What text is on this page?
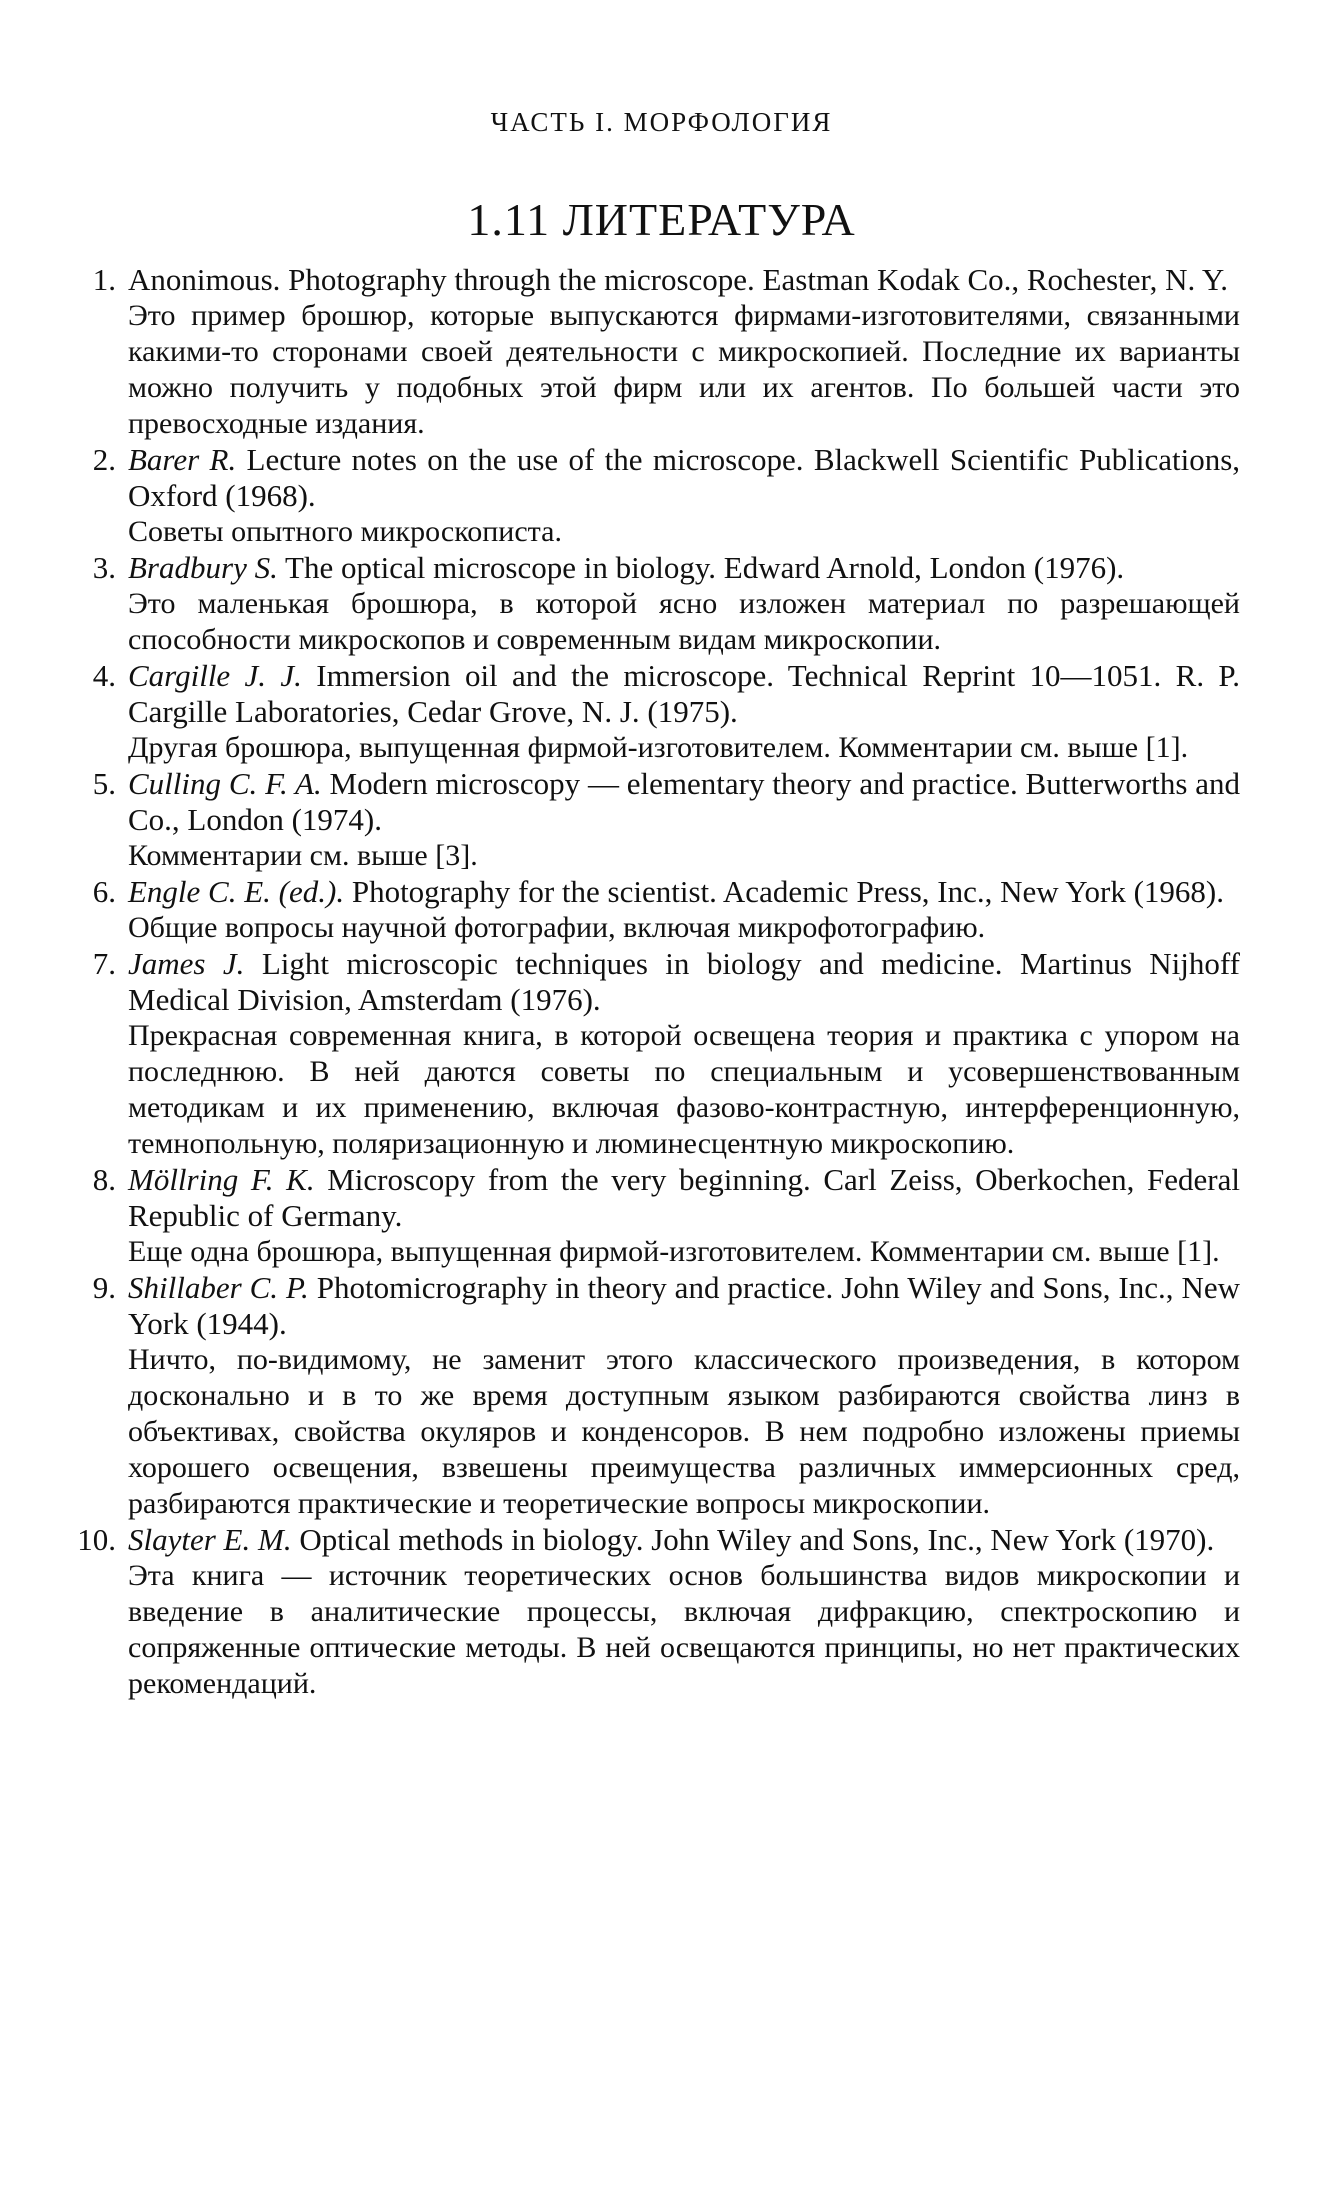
ЧАСТЬ I. МОРФОЛОГИЯ
1.11 ЛИТЕРАТУРА
1. Anonimous. Photography through the microscope. Eastman Kodak Co., Rochester, N. Y.
Это пример брошюр, которые выпускаются фирмами-изготовителями, связанными какими-то сторонами своей деятельности с микроскопией. Последние их варианты можно получить у подобных этой фирм или их агентов. По большей части это превосходные издания.
2. Barer R. Lecture notes on the use of the microscope. Blackwell Scientific Publications, Oxford (1968).
Советы опытного микроскописта.
3. Bradbury S. The optical microscope in biology. Edward Arnold, London (1976).
Это маленькая брошюра, в которой ясно изложен материал по разрешающей способности микроскопов и современным видам микроскопии.
4. Cargille J. J. Immersion oil and the microscope. Technical Reprint 10—1051. R. P. Cargille Laboratories, Cedar Grove, N. J. (1975).
Другая брошюра, выпущенная фирмой-изготовителем. Комментарии см. выше [1].
5. Culling C. F. A. Modern microscopy — elementary theory and practice. Butterworths and Co., London (1974).
Комментарии см. выше [3].
6. Engle C. E. (ed.). Photography for the scientist. Academic Press, Inc., New York (1968).
Общие вопросы научной фотографии, включая микрофотографию.
7. James J. Light microscopic techniques in biology and medicine. Martinus Nijhoff Medical Division, Amsterdam (1976).
Прекрасная современная книга, в которой освещена теория и практика с упором на последнюю. В ней даются советы по специальным и усовершенствованным методикам и их применению, включая фазово-контрастную, интерференционную, темнопольную, поляризационную и люминесцентную микроскопию.
8. Möllring F. K. Microscopy from the very beginning. Carl Zeiss, Oberkochen, Federal Republic of Germany.
Еще одна брошюра, выпущенная фирмой-изготовителем. Комментарии см. выше [1].
9. Shillaber C. P. Photomicrography in theory and practice. John Wiley and Sons, Inc., New York (1944).
Ничто, по-видимому, не заменит этого классического произведения, в котором досконально и в то же время доступным языком разбираются свойства линз в объективах, свойства окуляров и конденсоров. В нем подробно изложены приемы хорошего освещения, взвешены преимущества различных иммерсионных сред, разбираются практические и теоретические вопросы микроскопии.
10. Slayter E. M. Optical methods in biology. John Wiley and Sons, Inc., New York (1970).
Эта книга — источник теоретических основ большинства видов микроскопии и введение в аналитические процессы, включая дифракцию, спектроскопию и сопряженные оптические методы. В ней освещаются принципы, но нет практических рекомендаций.
